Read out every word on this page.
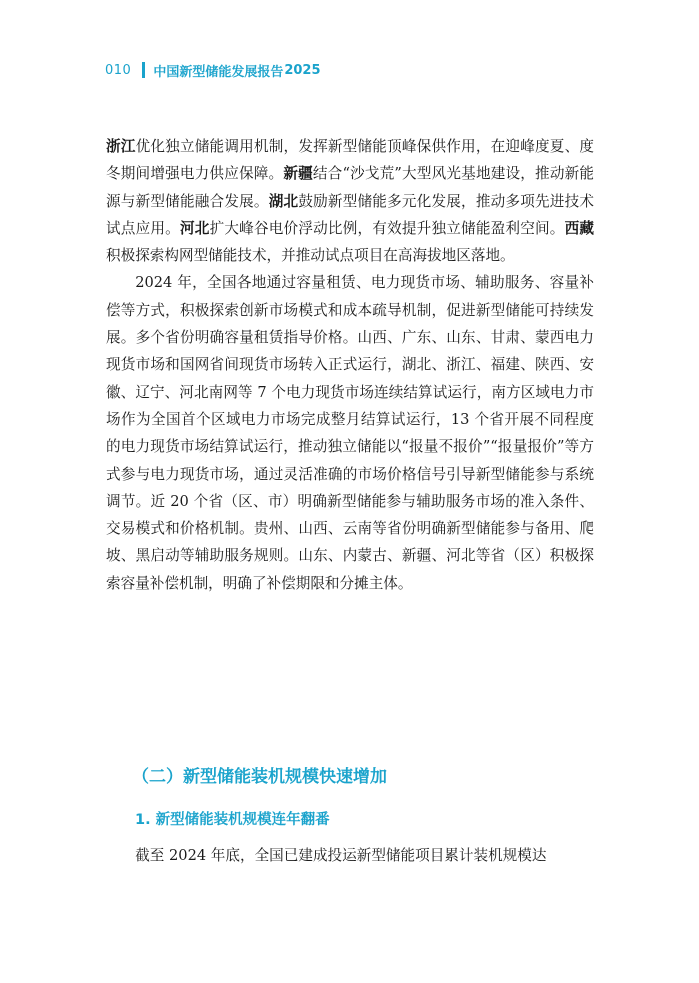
010 中国新型储能发展报告 2025

浙江优化独立储能调用机制，发挥新型储能顶峰保供作用，在迎峰度夏、度冬期间增强电力供应保障。新疆结合“沙戈荒”大型风光基地建设，推动新能源与新型储能融合发展。湖北鼓励新型储能多元化发展，推动多项先进技术试点应用。河北扩大峰谷电价浮动比例，有效提升独立储能盈利空间。西藏积极探索构网型储能技术，并推动试点项目在高海拔地区落地。

2024 年，全国各地通过容量租赁、电力现货市场、辅助服务、容量补偿等方式，积极探索创新市场模式和成本疏导机制，促进新型储能可持续发展。多个省份明确容量租赁指导价格。山西、广东、山东、甘肃、蒙西电力现货市场和国网省间现货市场转入正式运行，湖北、浙江、福建、陕西、安徽、辽宁、河北南网等 7 个电力现货市场连续结算试运行，南方区域电力市场作为全国首个区域电力市场完成整月结算试运行，13 个省开展不同程度的电力现货市场结算试运行，推动独立储能以“报量不报价”“报量报价”等方式参与电力现货市场，通过灵活准确的市场价格信号引导新型储能参与系统调节。近 20 个省（区、市）明确新型储能参与辅助服务市场的准入条件、交易模式和价格机制。贵州、山西、云南等省份明确新型储能参与备用、爬坡、黑启动等辅助服务规则。山东、内蒙古、新疆、河北等省（区）积极探索容量补偿机制，明确了补偿期限和分摊主体。

（二）新型储能装机规模快速增加
1. 新型储能装机规模连年翻番

截至 2024 年底，全国已建成投运新型储能项目累计装机规模达
